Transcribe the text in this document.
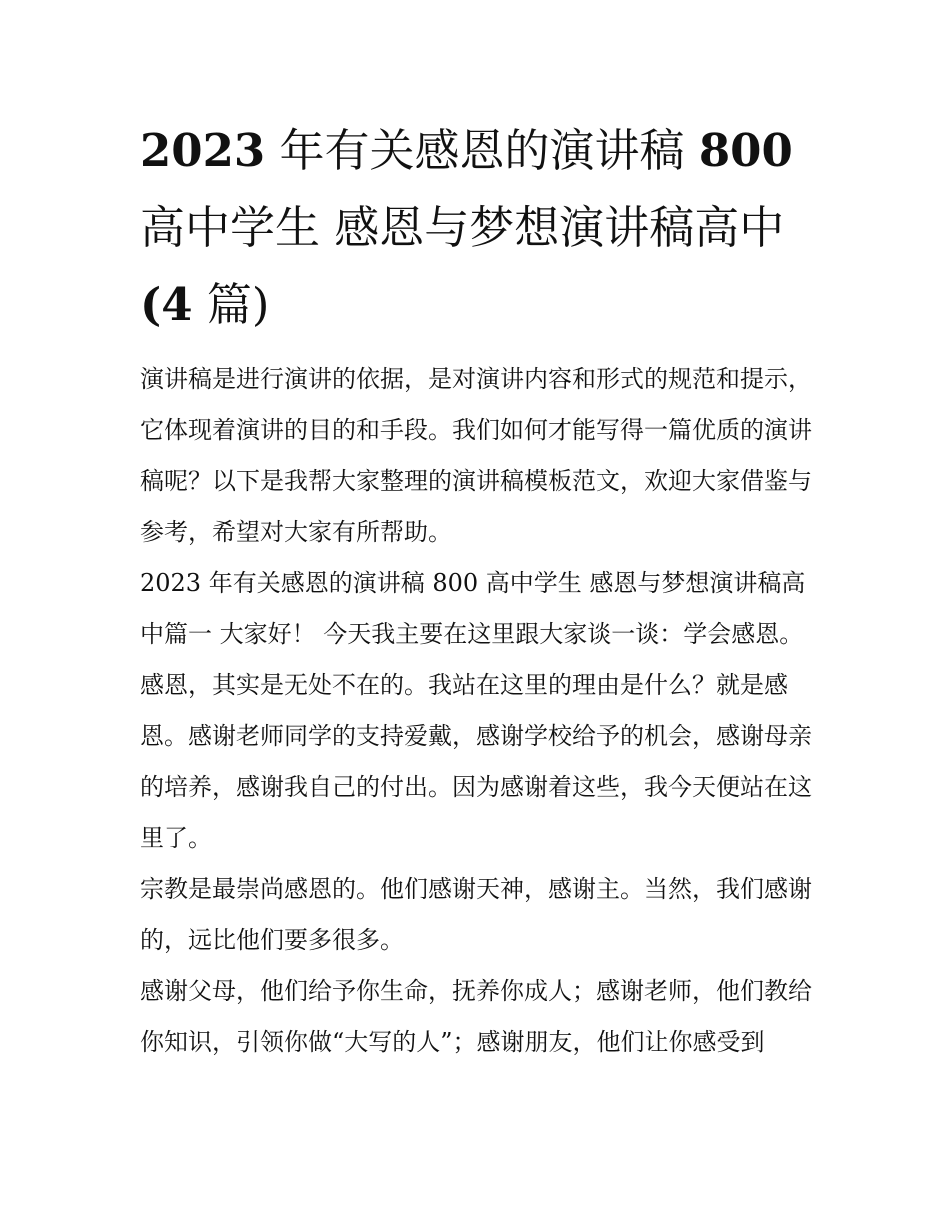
2023 年有关感恩的演讲稿 800 高中学生 感恩与梦想演讲稿高中(4 篇)

演讲稿是进行演讲的依据，是对演讲内容和形式的规范和提示，它体现着演讲的目的和手段。我们如何才能写得一篇优质的演讲稿呢？以下是我帮大家整理的演讲稿模板范文，欢迎大家借鉴与参考，希望对大家有所帮助。

2023 年有关感恩的演讲稿 800 高中学生 感恩与梦想演讲稿高中篇一 大家好！ 今天我主要在这里跟大家谈一谈：学会感恩。

感恩，其实是无处不在的。我站在这里的理由是什么？就是感恩。感谢老师同学的支持爱戴，感谢学校给予的机会，感谢母亲的培养，感谢我自己的付出。因为感谢着这些，我今天便站在这里了。

宗教是最崇尚感恩的。他们感谢天神，感谢主。当然，我们感谢的，远比他们要多很多。

感谢父母，他们给予你生命，抚养你成人；感谢老师，他们教给你知识，引领你做“大写的人”；感谢朋友，他们让你感受到
